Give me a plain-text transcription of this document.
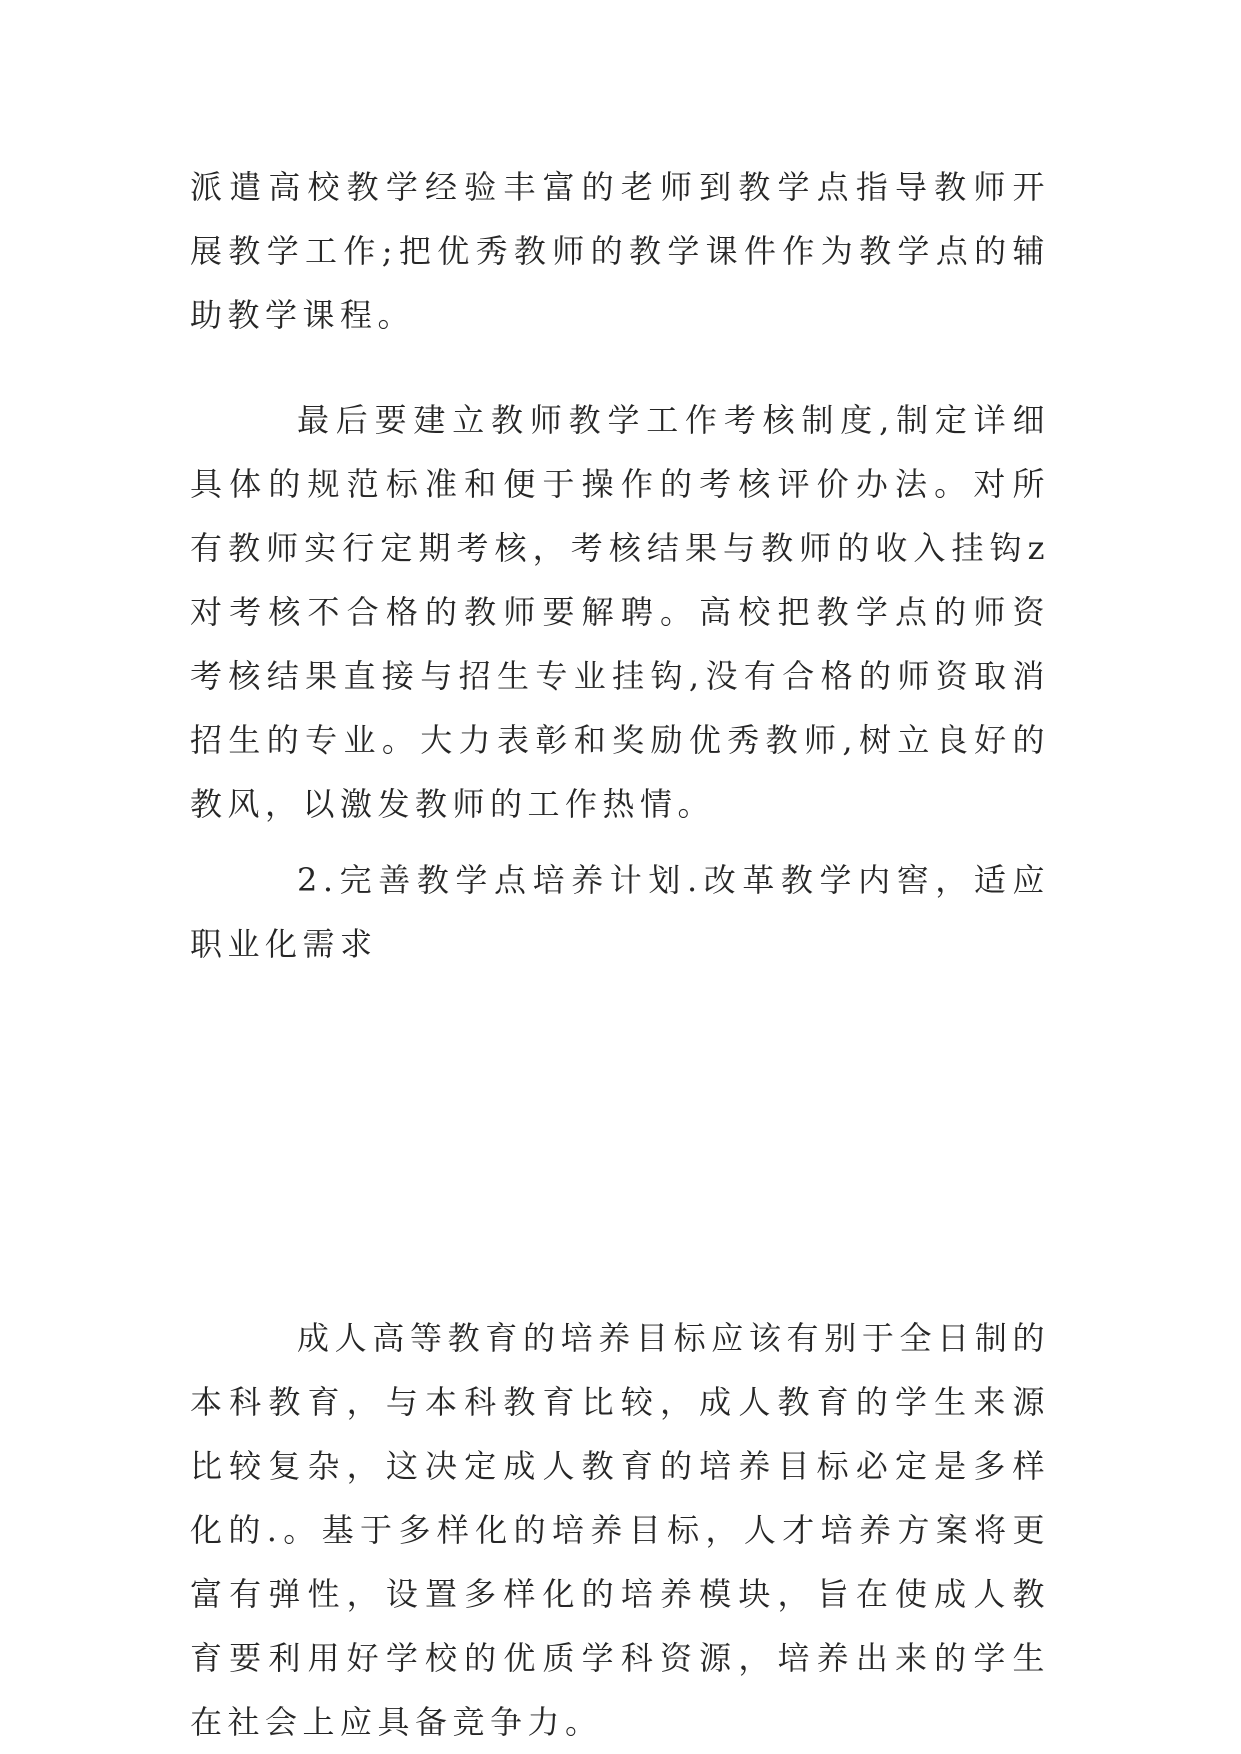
派遣高校教学经验丰富的老师到教学点指导教师开展教学工作;把优秀教师的教学课件作为教学点的辅助教学课程。

最后要建立教师教学工作考核制度,制定详细具体的规范标准和便于操作的考核评价办法。对所有教师实行定期考核，考核结果与教师的收入挂钩z对考核不合格的教师要解聘。高校把教学点的师资考核结果直接与招生专业挂钩,没有合格的师资取消招生的专业。大力表彰和奖励优秀教师,树立良好的教风，以激发教师的工作热情。

2.完善教学点培养计划.改革教学内窖，适应职业化需求

成人高等教育的培养目标应该有别于全日制的本科教育，与本科教育比较，成人教育的学生来源比较复杂，这决定成人教育的培养目标必定是多样化的.。基于多样化的培养目标，人才培养方案将更富有弹性，设置多样化的培养模块，旨在使成人教育要利用好学校的优质学科资源，培养出来的学生在社会上应具备竞争力。
